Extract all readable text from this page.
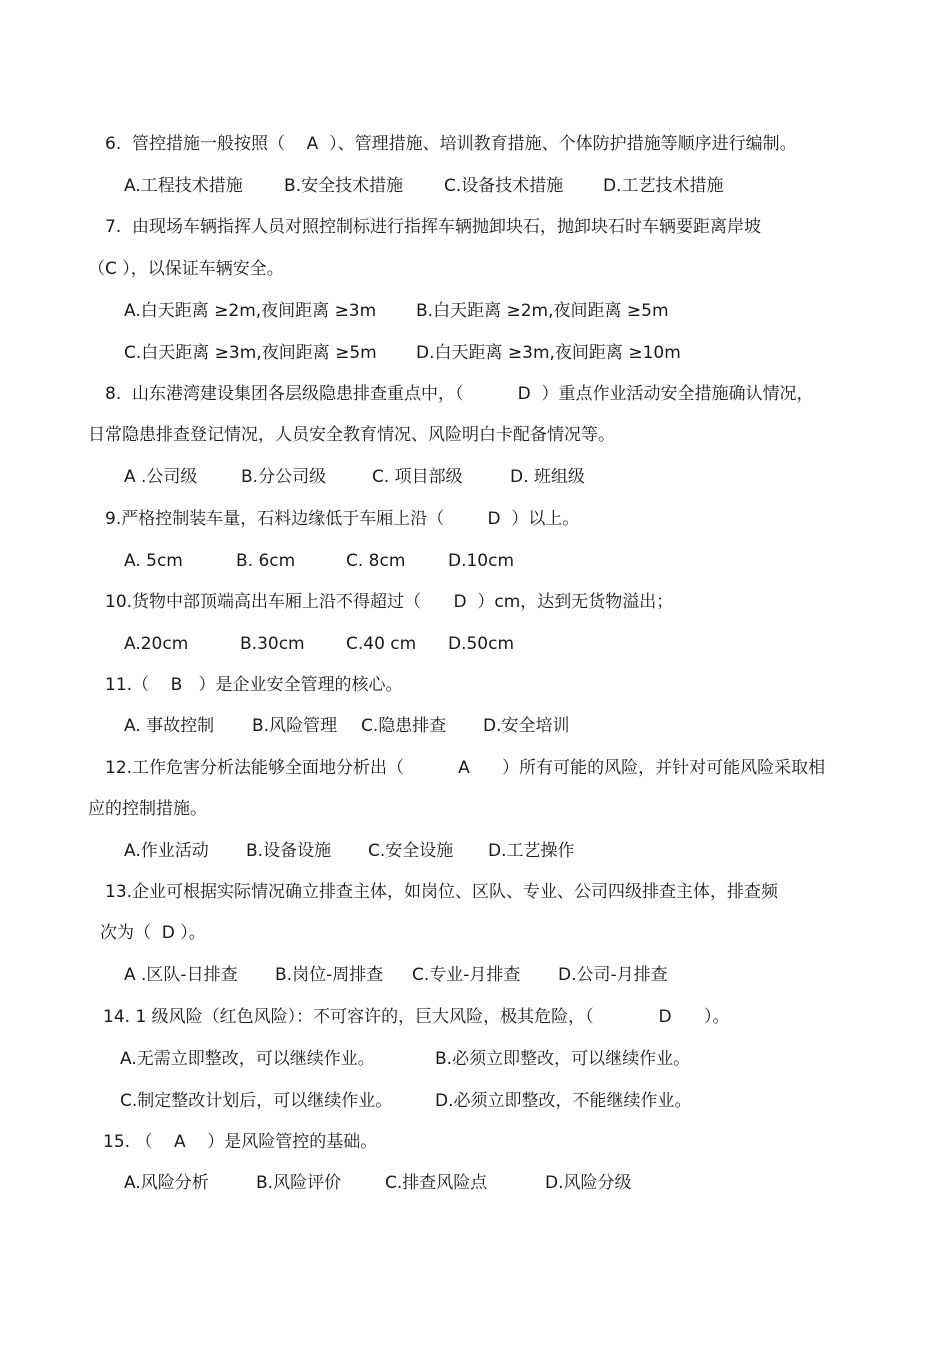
6.  管控措施一般按照（    A  ）、管理措施、培训教育措施、个体防护措施等顺序进行编制。
A.工程技术措施 B.安全技术措施 C.设备技术措施 D.工艺技术措施
7.  由现场车辆指挥人员对照控制标进行指挥车辆抛卸块石，抛卸块石时车辆要距离岸坡
（C ），以保证车辆安全。
A.白天距离 ≥2m,夜间距离 ≥3m B.白天距离 ≥2m,夜间距离 ≥5m
C.白天距离 ≥3m,夜间距离 ≥5m D.白天距离 ≥3m,夜间距离 ≥10m
8.  山东港湾建设集团各层级隐患排查重点中，（          D  ）重点作业活动安全措施确认情况，
日常隐患排查登记情况，人员安全教育情况、风险明白卡配备情况等。
A .公司级	B.分公司级	C. 项目部级	D. 班组级
9.严格控制装车量，石料边缘低于车厢上沿（        D  ）以上。
A. 5cm	B. 6cm	C. 8cm	D.10cm
10.货物中部顶端高出车厢上沿不得超过（      D  ）cm，达到无货物溢出；
A.20cm	B.30cm C.40 cm D.50cm
11.（    B   ）是企业安全管理的核心。
A. 事故控制 B.风险管理 C.隐患排查 D.安全培训
12.工作危害分析法能够全面地分析出（          A      ）所有可能的风险，并针对可能风险采取相
应的控制措施。
A.作业活动 B.设备设施 C.安全设施 D.工艺操作
13.企业可根据实际情况确立排查主体，如岗位、区队、专业、公司四级排查主体，排查频
次为（  D ）。
A .区队-日排查 B.岗位-周排查 C.专业-月排查 D.公司-月排查
14. 1 级风险（红色风险）：不可容许的，巨大风险，极其危险，（            D      ）。
A.无需立即整改，可以继续作业。	B.必须立即整改，可以继续作业。
C.制定整改计划后，可以继续作业。	D.必须立即整改，不能继续作业。
15. （    A    ）是风险管控的基础。
A.风险分析	B.风险评价	C.排查风险点	D.风险分级
